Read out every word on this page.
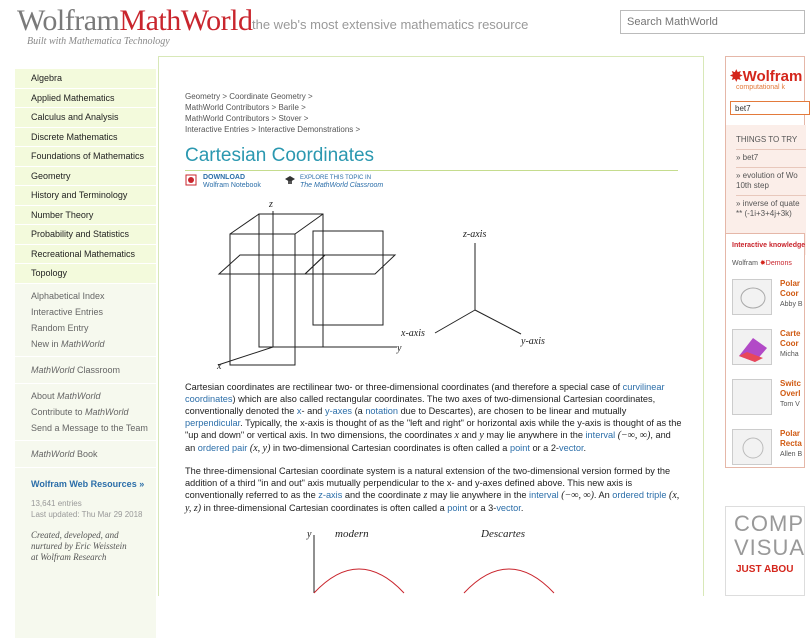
WolframMathWorld
Built with Mathematica Technology
the web's most extensive mathematics resource
Search MathWorld
Algebra
Applied Mathematics
Calculus and Analysis
Discrete Mathematics
Foundations of Mathematics
Geometry
History and Terminology
Number Theory
Probability and Statistics
Recreational Mathematics
Topology
Alphabetical Index
Interactive Entries
Random Entry
New in MathWorld
MathWorld Classroom
About MathWorld
Contribute to MathWorld
Send a Message to the Team
MathWorld Book
Wolfram Web Resources »
13,641 entries
Last updated: Thu Mar 29 2018
Created, developed, and
nurtured by Eric Weisstein
at Wolfram Research
Geometry > Coordinate Geometry >
MathWorld Contributors > Barile >
MathWorld Contributors > Stover >
Interactive Entries > Interactive Demonstrations >
Cartesian Coordinates
DOWNLOAD
Wolfram Notebook
EXPLORE THIS TOPIC IN
The MathWorld Classroom
z
y
x
z-axis
x-axis
y-axis
Cartesian coordinates are rectilinear two- or three-dimensional coordinates (and therefore a special case of curvilinear coordinates) which are also called rectangular coordinates. The two axes of two-dimensional Cartesian coordinates, conventionally denoted the x- and y-axes (a notation due to Descartes), are chosen to be linear and mutually perpendicular. Typically, the x-axis is thought of as the "left and right" or horizontal axis while the y-axis is thought of as the "up and down" or vertical axis. In two dimensions, the coordinates x and y may lie anywhere in the interval (−∞, ∞), and an ordered pair (x, y) in two-dimensional Cartesian coordinates is often called a point or a 2-vector.
The three-dimensional Cartesian coordinate system is a natural extension of the two-dimensional version formed by the addition of a third "in and out" axis mutually perpendicular to the x- and y-axes defined above. This new axis is conventionally referred to as the z-axis and the coordinate z may lie anywhere in the interval (−∞, ∞). An ordered triple (x, y, z) in three-dimensional Cartesian coordinates is often called a point or a 3-vector.
y modern	Descartes
✸Wolfram
computational k
bet7
THINGS TO TRY
» bet7
» evolution of Wo
10th step
» inverse of quate
** (-1i+3+4j+3k)
Interactive knowledge
Wolfram ✸Demons
Polar
Coor
Abby B
Carte
Coor
Micha
Switc
Overl
Tom V
Polar
Recta
Allen B
COMP
VISUA
JUST ABOU
